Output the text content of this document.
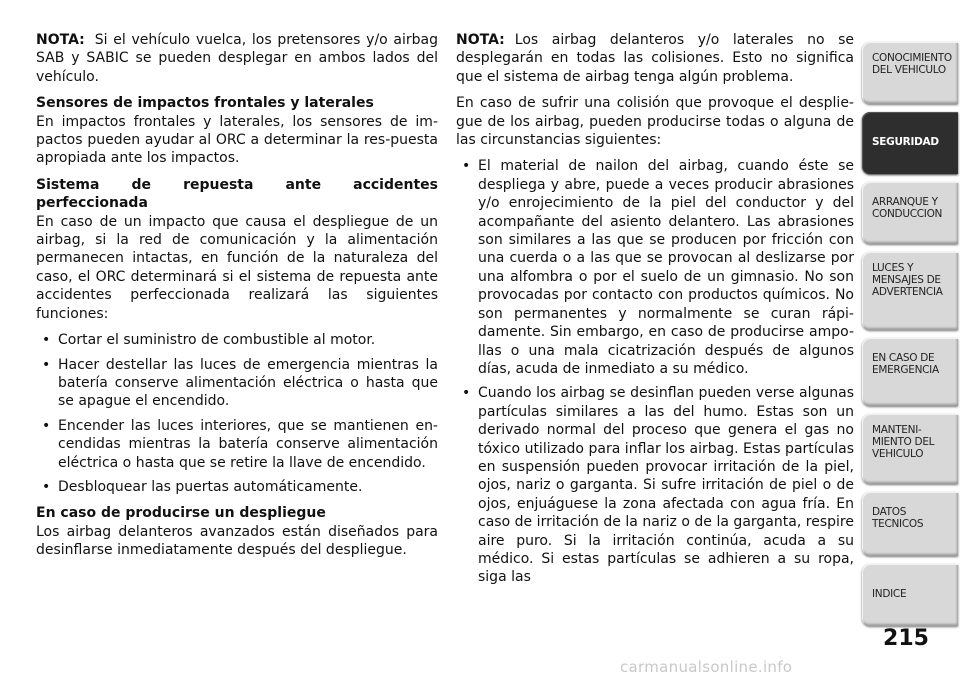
NOTA: Si el vehículo vuelca, los pretensores y/o airbag SAB y SABIC se pueden desplegar en ambos lados del vehículo.

Sensores de impactos frontales y laterales

En impactos frontales y laterales, los sensores de im-pactos pueden ayudar al ORC a determinar la res-puesta apropiada ante los impactos.

Sistema de repuesta ante accidentes perfeccionada

En caso de un impacto que causa el despliegue de un airbag, si la red de comunicación y la alimentación permanecen intactas, en función de la naturaleza del caso, el ORC determinará si el sistema de repuesta ante accidentes perfeccionada realizará las siguientes funciones:

• Cortar el suministro de combustible al motor.
• Hacer destellar las luces de emergencia mientras la batería conserve alimentación eléctrica o hasta que se apague el encendido.
• Encender las luces interiores, que se mantienen en-cendidas mientras la batería conserve alimentación eléctrica o hasta que se retire la llave de encendido.
• Desbloquear las puertas automáticamente.
En caso de producirse un despliegue

Los airbag delanteros avanzados están diseñados para desinflarse inmediatamente después del despliegue.

NOTA: Los airbag delanteros y/o laterales no se desplegarán en todas las colisiones. Esto no significa que el sistema de airbag tenga algún problema.

En caso de sufrir una colisión que provoque el desplie-gue de los airbag, pueden producirse todas o alguna de las circunstancias siguientes:

• El material de nailon del airbag, cuando éste se despliega y abre, puede a veces producir abrasiones y/o enrojecimiento de la piel del conductor y del acompañante del asiento delantero. Las abrasiones son similares a las que se producen por fricción con una cuerda o a las que se provocan al deslizarse por una alfombra o por el suelo de un gimnasio. No son provocadas por contacto con productos químicos. No son permanentes y normalmente se curan rápi-damente. Sin embargo, en caso de producirse ampo-llas o una mala cicatrización después de algunos días, acuda de inmediato a su médico.
• Cuando los airbag se desinflan pueden verse algunas partículas similares a las del humo. Estas son un derivado normal del proceso que genera el gas no tóxico utilizado para inflar los airbag. Estas partículas en suspensión pueden provocar irritación de la piel, ojos, nariz o garganta. Si sufre irritación de piel o de ojos, enjuáguese la zona afectada con agua fría. En caso de irritación de la nariz o de la garganta, respire aire puro. Si la irritación continúa, acuda a su médico. Si estas partículas se adhieren a su ropa, siga las
CONOCIMIENTO
DEL VEHICULO
SEGURIDAD
ARRANQUE Y
CONDUCCION
LUCES Y
MENSAJES DE
ADVERTENCIA
EN CASO DE
EMERGENCIA
MANTENI-
MIENTO DEL
VEHICULO
DATOS
TECNICOS
INDICE
215
carmanualsonline.info
